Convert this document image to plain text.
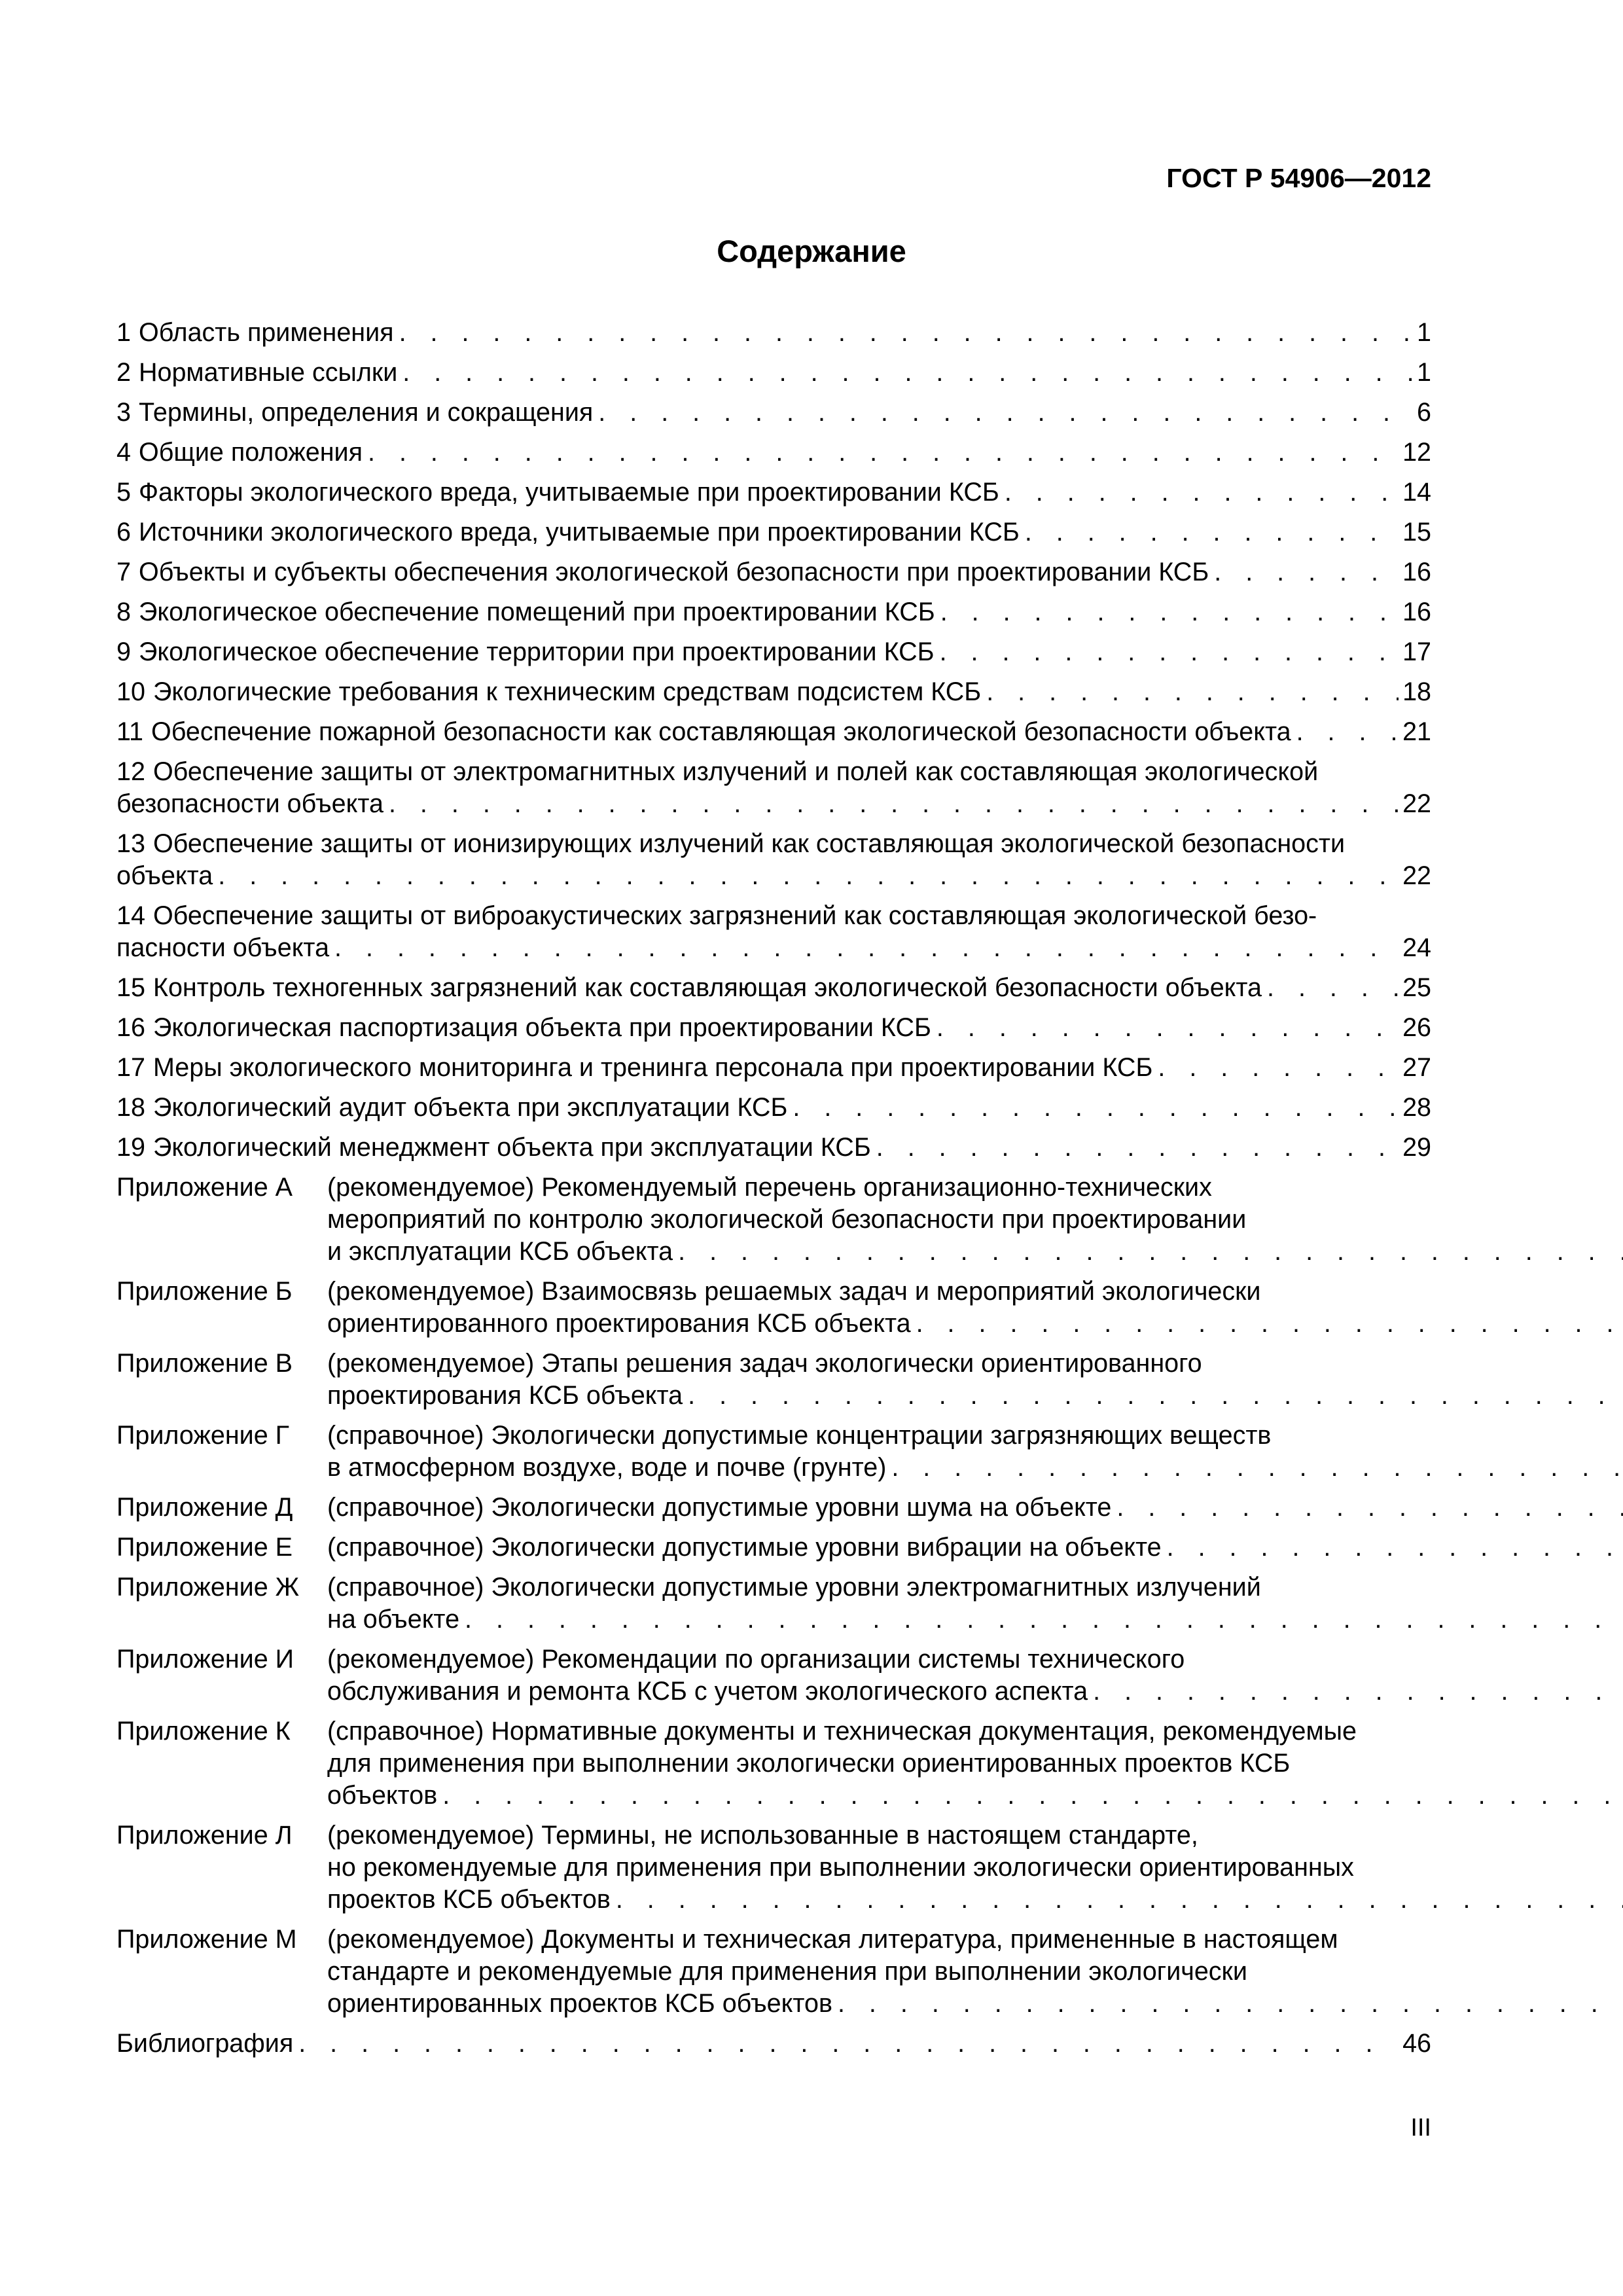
ГОСТ Р 54906—2012
Содержание
1 Область применения . . .	1
2 Нормативные ссылки . . .	1
3 Термины, определения и сокращения . . .	6
4 Общие положения . . .	12
5 Факторы экологического вреда, учитываемые при проектировании КСБ . . .	14
6 Источники экологического вреда, учитываемые при проектировании КСБ . . .	15
7 Объекты и субъекты обеспечения экологической безопасности при проектировании КСБ . . .	16
8 Экологическое обеспечение помещений при проектировании КСБ . . .	16
9 Экологическое обеспечение территории при проектировании КСБ . . .	17
10 Экологические требования к техническим средствам подсистем КСБ . . .	18
11 Обеспечение пожарной безопасности как составляющая экологической безопасности объекта . . .	21
12 Обеспечение защиты от электромагнитных излучений и полей как составляющая экологической
безопасности объекта . . .	22
13 Обеспечение защиты от ионизирующих излучений как составляющая экологической безопасности
объекта . . .	22
14 Обеспечение защиты от виброакустических загрязнений как составляющая экологической безо-
пасности объекта . . .	24
15 Контроль техногенных загрязнений как составляющая экологической безопасности объекта . . .	25
16 Экологическая паспортизация объекта при проектировании КСБ . . .	26
17 Меры экологического мониторинга и тренинга персонала при проектировании КСБ . . .	27
18 Экологический аудит объекта при эксплуатации КСБ . . .	28
19 Экологический менеджмент объекта при эксплуатации КСБ . . .	29
Приложение А	(рекомендуемое) Рекомендуемый перечень организационно-технических
мероприятий по контролю экологической безопасности при проектировании
и эксплуатации КСБ объекта
. . .
Приложение Б	(рекомендуемое) Взаимосвязь решаемых задач и мероприятий экологически
ориентированного проектирования КСБ объекта
. . .
Приложение В	(рекомендуемое) Этапы решения задач экологически ориентированного
проектирования КСБ объекта
. . .
Приложение Г	(справочное) Экологически допустимые концентрации загрязняющих веществ
в атмосферном воздухе, воде и почве (грунте)
. . .
Приложение Д	(справочное) Экологически допустимые уровни шума на объекте
. . .
Приложение Е	(справочное) Экологически допустимые уровни вибрации на объекте
. . .
Приложение Ж	(справочное) Экологически допустимые уровни электромагнитных излучений
на объекте
. . .
Приложение И	(рекомендуемое) Рекомендации по организации системы технического
обслуживания и ремонта КСБ с учетом экологического аспекта
. . .
Приложение К	(справочное) Нормативные документы и техническая документация, рекомендуемые
для применения при выполнении экологически ориентированных проектов КСБ
объектов
. . .
Приложение Л	(рекомендуемое) Термины, не использованные в настоящем стандарте,
но рекомендуемые для применения при выполнении экологически ориентированных
проектов КСБ объектов
. . .
Приложение М	(рекомендуемое) Документы и техническая литература, примененные в настоящем
стандарте и рекомендуемые для применения при выполнении экологически
ориентированных проектов КСБ объектов
. . .
Библиография . . .	46
III
